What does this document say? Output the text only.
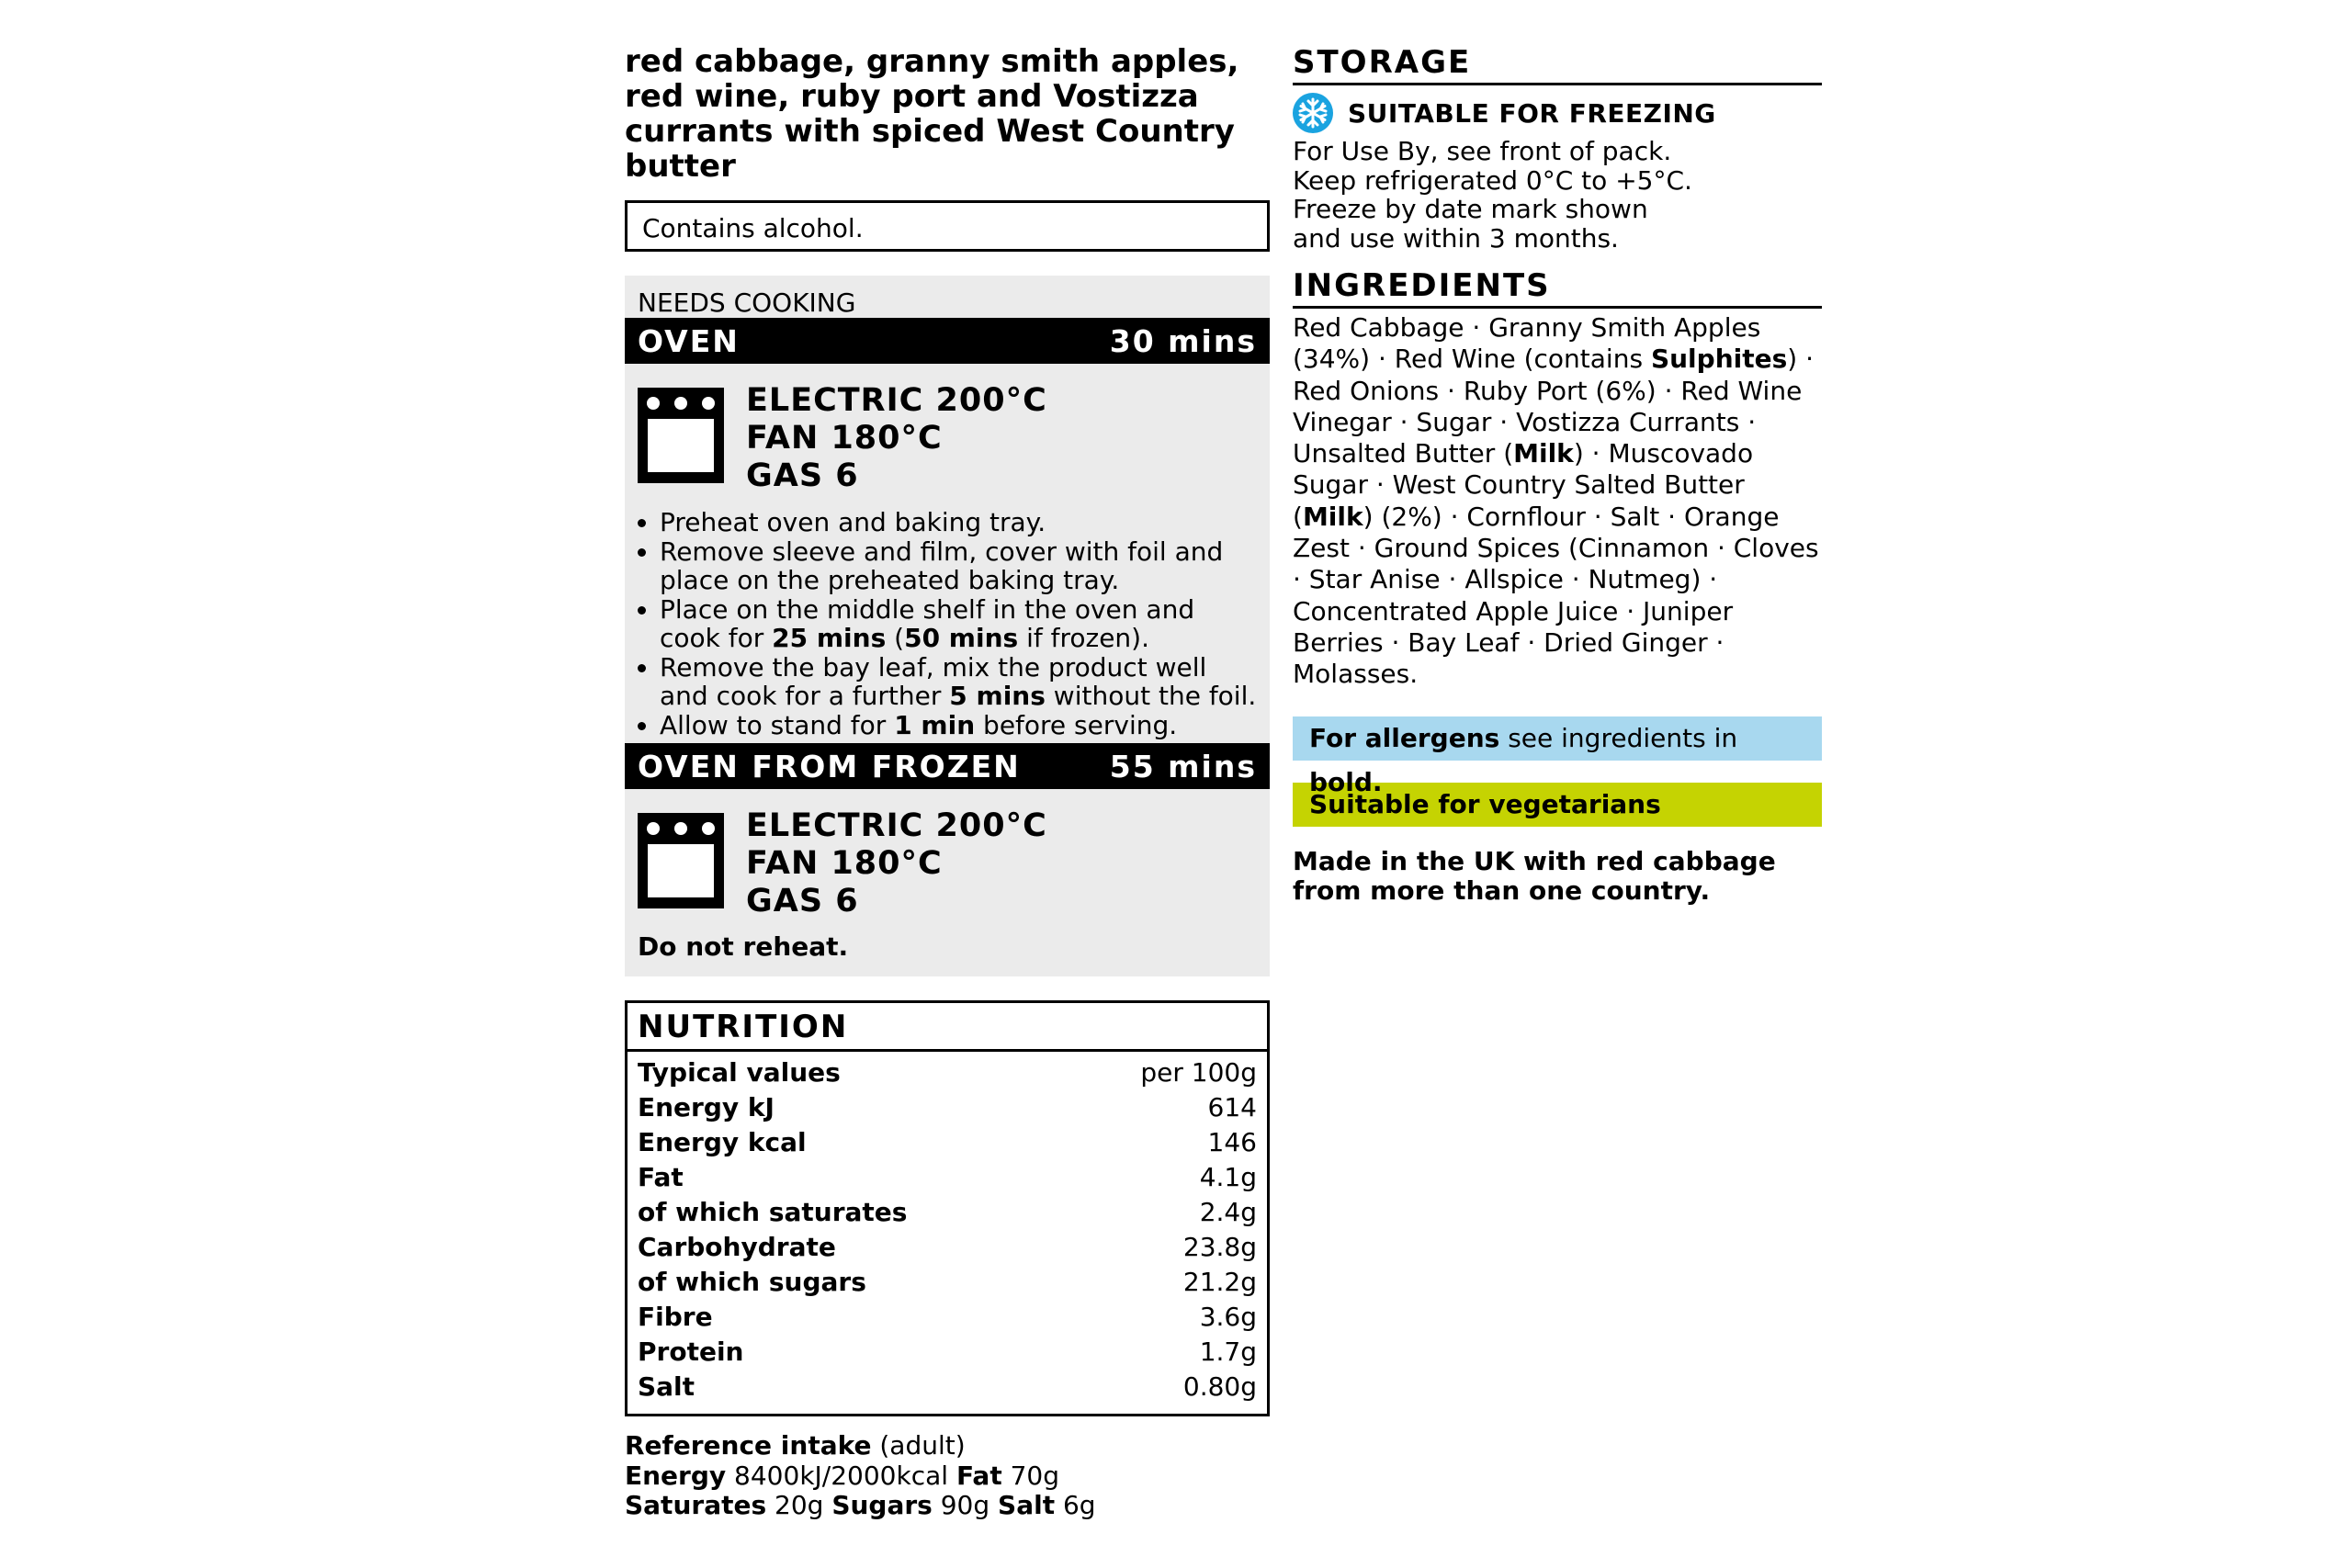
red cabbage, granny smith apples, red wine, ruby port and Vostizza currants with spiced West Country butter
Contains alcohol.
NEEDS COOKING
OVEN	30 mins
ELECTRIC 200°C
FAN 180°C
GAS 6
• Preheat oven and baking tray.
• Remove sleeve and film, cover with foil and place on the preheated baking tray.
• Place on the middle shelf in the oven and cook for 25 mins (50 mins if frozen).
• Remove the bay leaf, mix the product well and cook for a further 5 mins without the foil.
• Allow to stand for 1 min before serving.
OVEN FROM FROZEN	55 mins
ELECTRIC 200°C
FAN 180°C
GAS 6
Do not reheat.
NUTRITION
Typical values	per 100g
Energy kJ	614
Energy kcal	146
Fat	4.1g
of which saturates	2.4g
Carbohydrate	23.8g
of which sugars	21.2g
Fibre	3.6g
Protein	1.7g
Salt	0.80g
Reference intake (adult)
Energy 8400kJ/2000kcal Fat 70g
Saturates 20g Sugars 90g Salt 6g
STORAGE
SUITABLE FOR FREEZING
For Use By, see front of pack.
Keep refrigerated 0°C to +5°C.
Freeze by date mark shown
and use within 3 months.
INGREDIENTS
Red Cabbage · Granny Smith Apples (34%) · Red Wine (contains Sulphites) · Red Onions · Ruby Port (6%) · Red Wine Vinegar · Sugar · Vostizza Currants · Unsalted Butter (Milk) · Muscovado Sugar · West Country Salted Butter (Milk) (2%) · Cornflour · Salt · Orange Zest · Ground Spices (Cinnamon · Cloves · Star Anise · Allspice · Nutmeg) · Concentrated Apple Juice · Juniper Berries · Bay Leaf · Dried Ginger · Molasses.
For allergens see ingredients in
Suitable for vegetarians
Made in the UK with red cabbage from more than one country.
